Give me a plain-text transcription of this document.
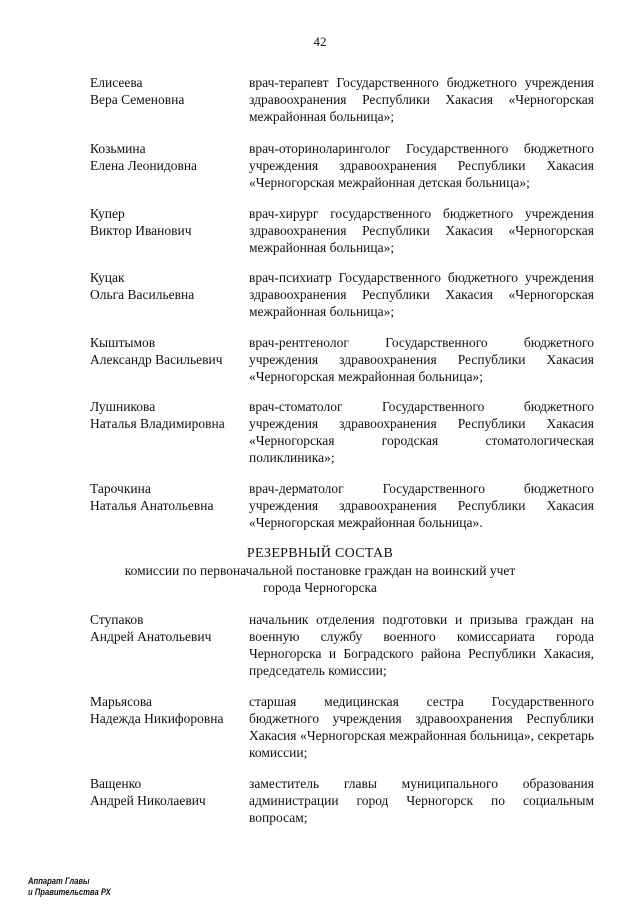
42
Елисеева
Вера Семеновна
врач-терапевт Государственного бюджетного учреждения здравоохранения Республики Хакасия «Черногорская межрайонная больница»;
Козьмина
Елена Леонидовна
врач-оториноларинголог Государственного бюджетного учреждения здравоохранения Республики Хакасия «Черногорская межрайонная детская больница»;
Купер
Виктор Иванович
врач-хирург государственного бюджетного учреждения здравоохранения Республики Хакасия «Черногорская межрайонная больница»;
Куцак
Ольга Васильевна
врач-психиатр Государственного бюджетного учреждения здравоохранения Республики Хакасия «Черногорская межрайонная больница»;
Кыштымов
Александр Васильевич
врач-рентгенолог Государственного бюджетного учреждения здравоохранения Республики Хакасия «Черногорская межрайонная больница»;
Лушникова
Наталья Владимировна
врач-стоматолог Государственного бюджетного учреждения здравоохранения Республики Хакасия «Черногорская городская стоматологическая поликлиника»;
Тарочкина
Наталья Анатольевна
врач-дерматолог Государственного бюджетного учреждения здравоохранения Республики Хакасия «Черногорская межрайонная больница».
РЕЗЕРВНЫЙ СОСТАВ
комиссии по первоначальной постановке граждан на воинский учет
города Черногорска
Ступаков
Андрей Анатольевич
начальник отделения подготовки и призыва граждан на военную службу военного комиссариата города Черногорска и Боградского района Республики Хакасия, председатель комиссии;
Марьясова
Надежда Никифоровна
старшая медицинская сестра Государственного бюджетного учреждения здравоохранения Республики Хакасия «Черногорская межрайонная больница», секретарь комиссии;
Ващенко
Андрей Николаевич
заместитель главы муниципального образования администрации город Черногорск по социальным вопросам;
Аппарат Главы
и Правительства РХ
